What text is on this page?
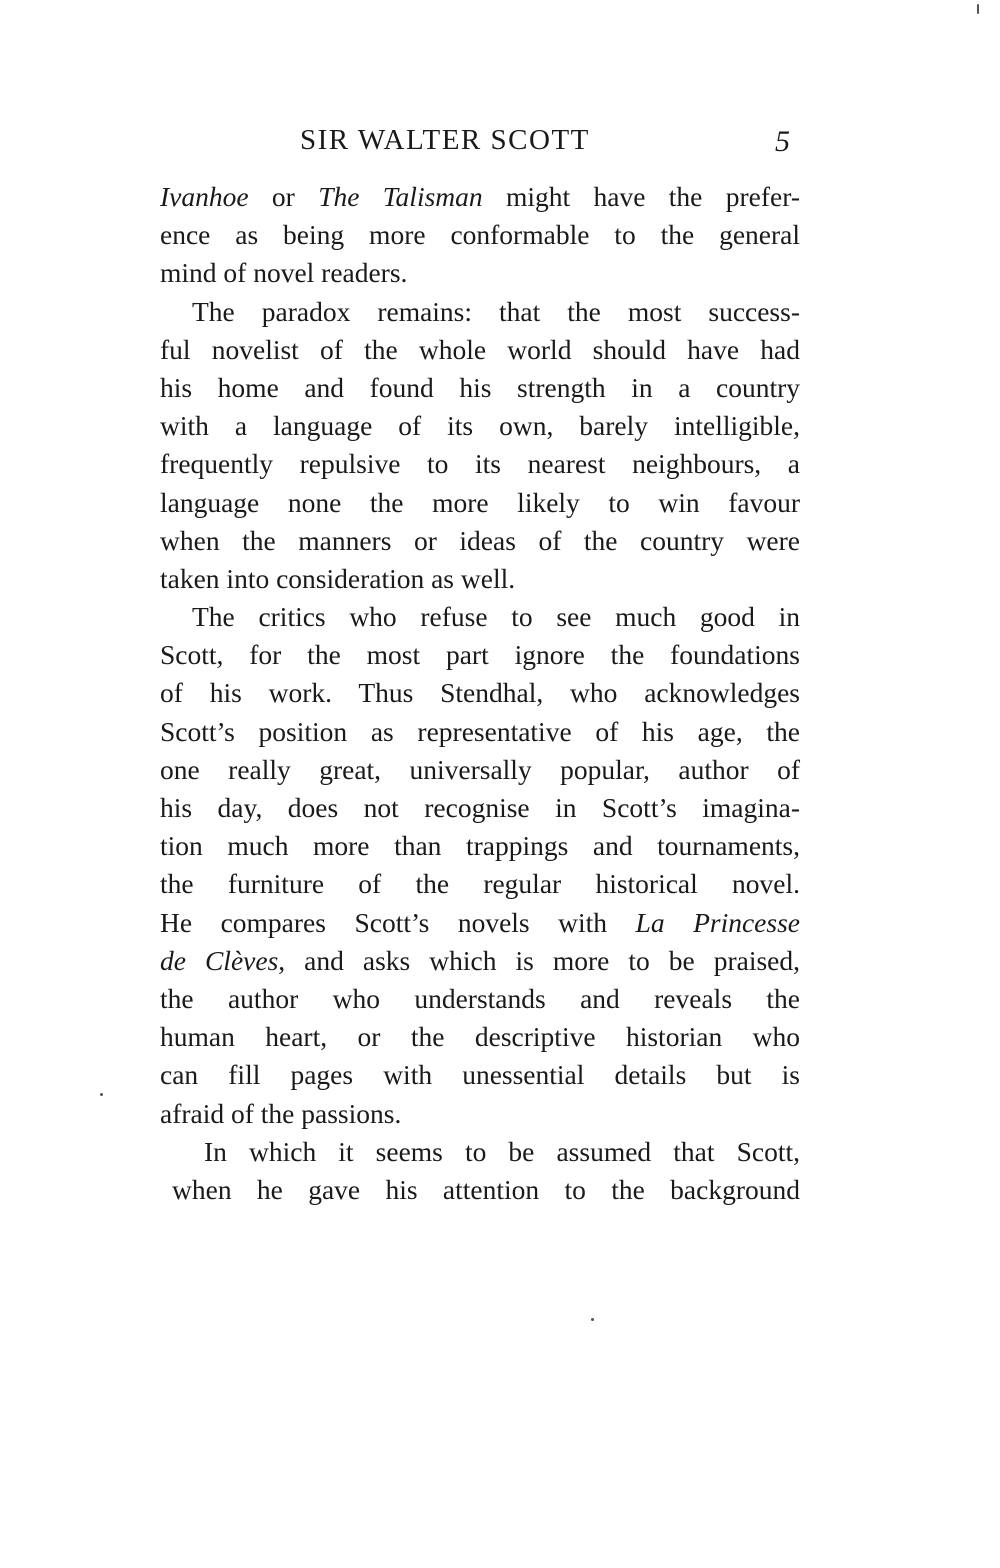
SIR WALTER SCOTT	5
Ivanhoe or The Talisman might have the prefer-
ence as being more conformable to the general
mind of novel readers.
The paradox remains: that the most success-
ful novelist of the whole world should have had
his home and found his strength in a country
with a language of its own, barely intelligible,
frequently repulsive to its nearest neighbours, a
language none the more likely to win favour
when the manners or ideas of the country were
taken into consideration as well.
The critics who refuse to see much good in
Scott, for the most part ignore the foundations
of his work. Thus Stendhal, who acknowledges
Scott’s position as representative of his age, the
one really great, universally popular, author of
his day, does not recognise in Scott’s imagina-
tion much more than trappings and tournaments,
the furniture of the regular historical novel.
He compares Scott’s novels with La Princesse
de Clèves, and asks which is more to be praised,
the author who understands and reveals the
human heart, or the descriptive historian who
can fill pages with unessential details but is
afraid of the passions.
In which it seems to be assumed that Scott,
when he gave his attention to the background
